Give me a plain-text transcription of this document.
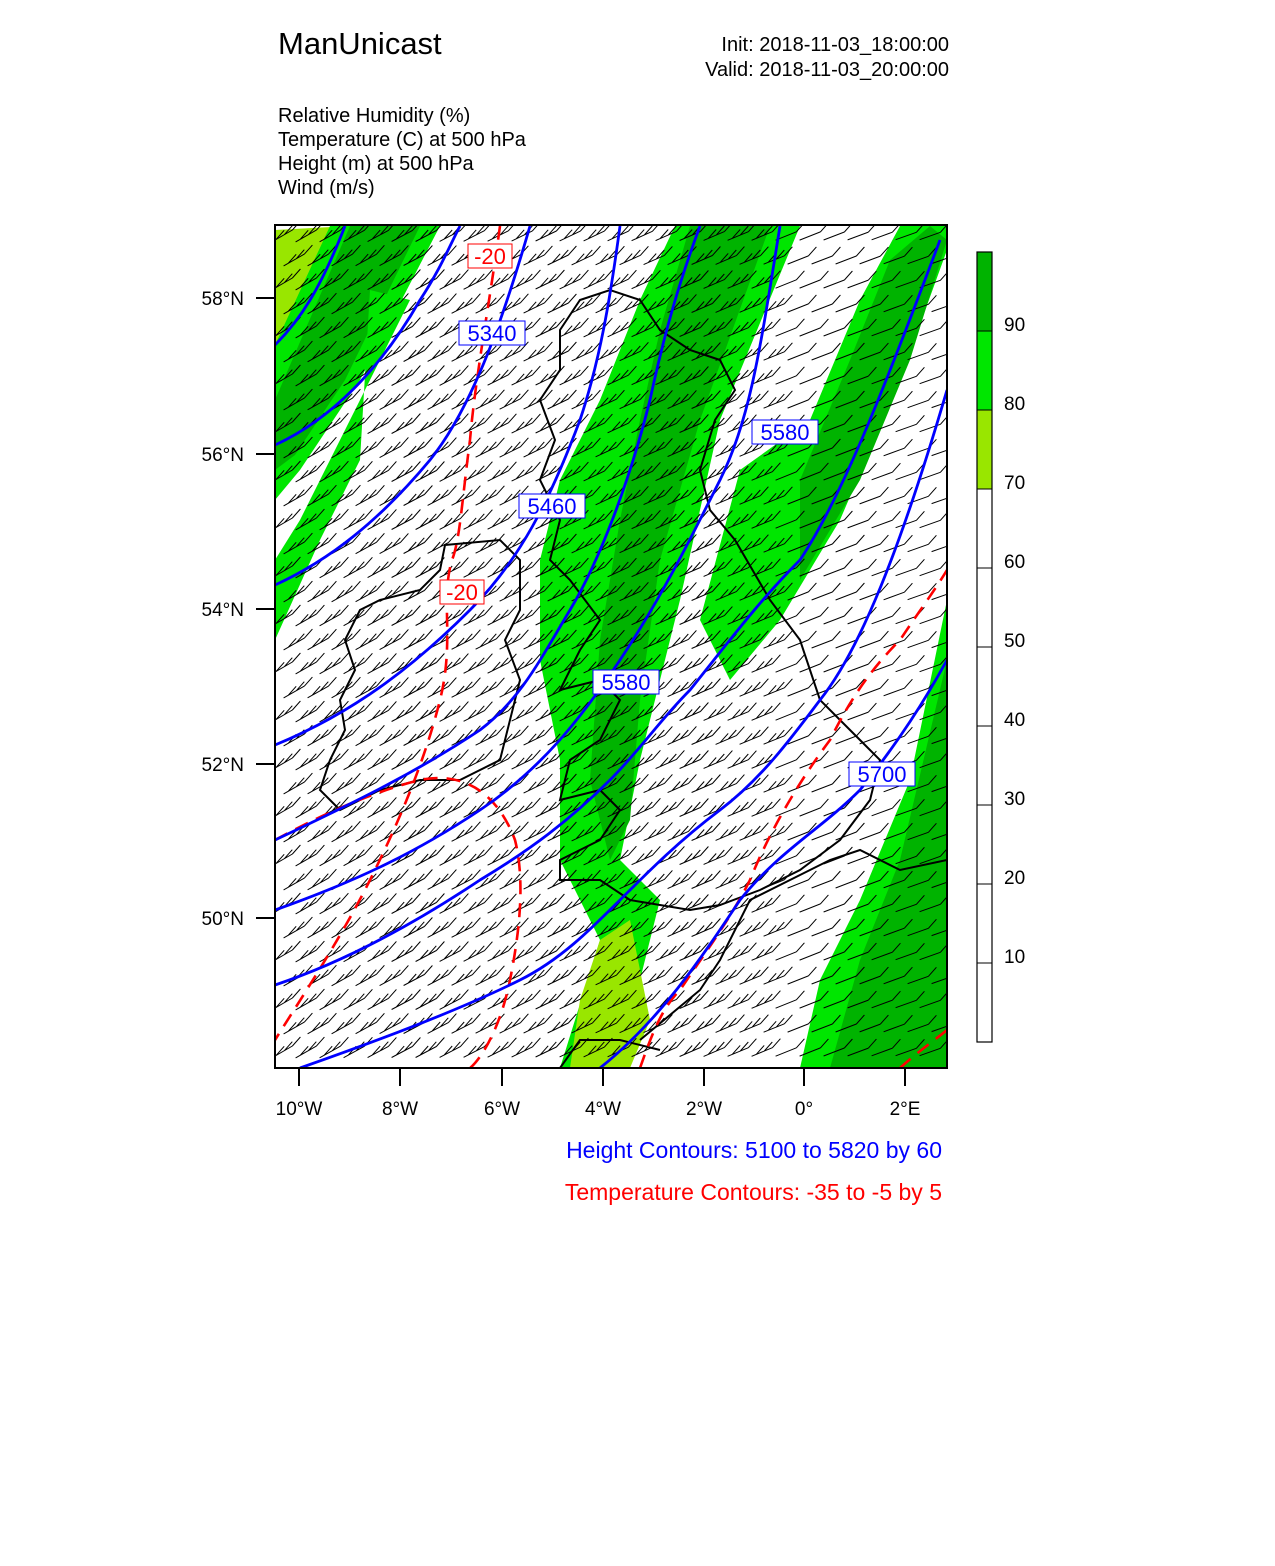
ManUnicast	Init: 2018-11-03_18:00:00
Valid: 2018-11-03_20:00:00
Relative Humidity (%)
Temperature (C) at 500 hPa
Height (m) at 500 hPa
Wind (m/s)
5340
5460
5580
5580
5700
-20
-20
58°N
56°N
54°N
52°N
50°N
10°W	8°W	6°W	4°W	2°W	0°	2°E
90
80
70
60
50
40
30
20
10
Height Contours: 5100 to 5820 by 60
Temperature Contours: -35 to -5 by 5
